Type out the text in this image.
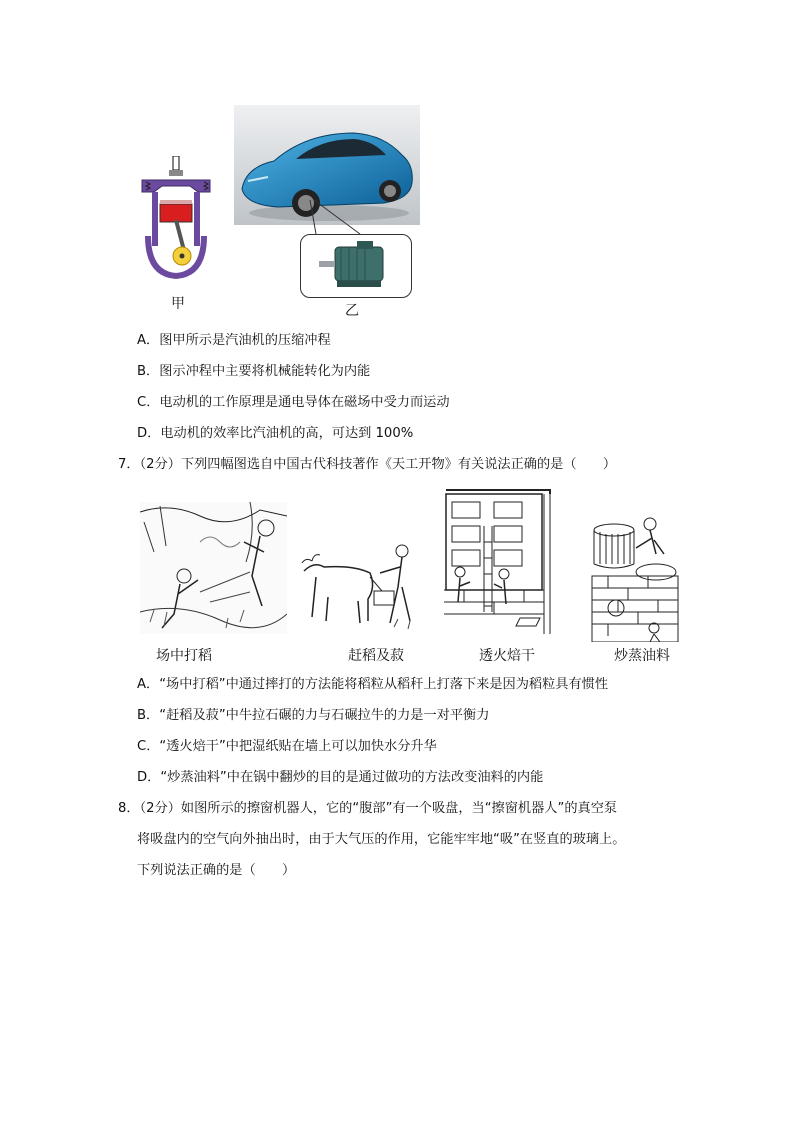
甲	乙
A．图甲所示是汽油机的压缩冲程
B．图示冲程中主要将机械能转化为内能
C．电动机的工作原理是通电导体在磁场中受力而运动
D．电动机的效率比汽油机的高，可达到 100%
7．（2分）下列四幅图选自中国古代科技著作《天工开物》有关说法正确的是（　　）
场中打稻	赶稻及菽	透火焙干	炒蒸油料
A．“场中打稻”中通过摔打的方法能将稻粒从稻秆上打落下来是因为稻粒具有惯性
B．“赶稻及菽”中牛拉石碾的力与石碾拉牛的力是一对平衡力
C．“透火焙干”中把湿纸贴在墙上可以加快水分升华
D．“炒蒸油料”中在锅中翻炒的目的是通过做功的方法改变油料的内能
8．（2分）如图所示的擦窗机器人，它的“腹部”有一个吸盘，当“擦窗机器人”的真空泵
将吸盘内的空气向外抽出时，由于大气压的作用，它能牢牢地“吸”在竖直的玻璃上。
下列说法正确的是（　　）
